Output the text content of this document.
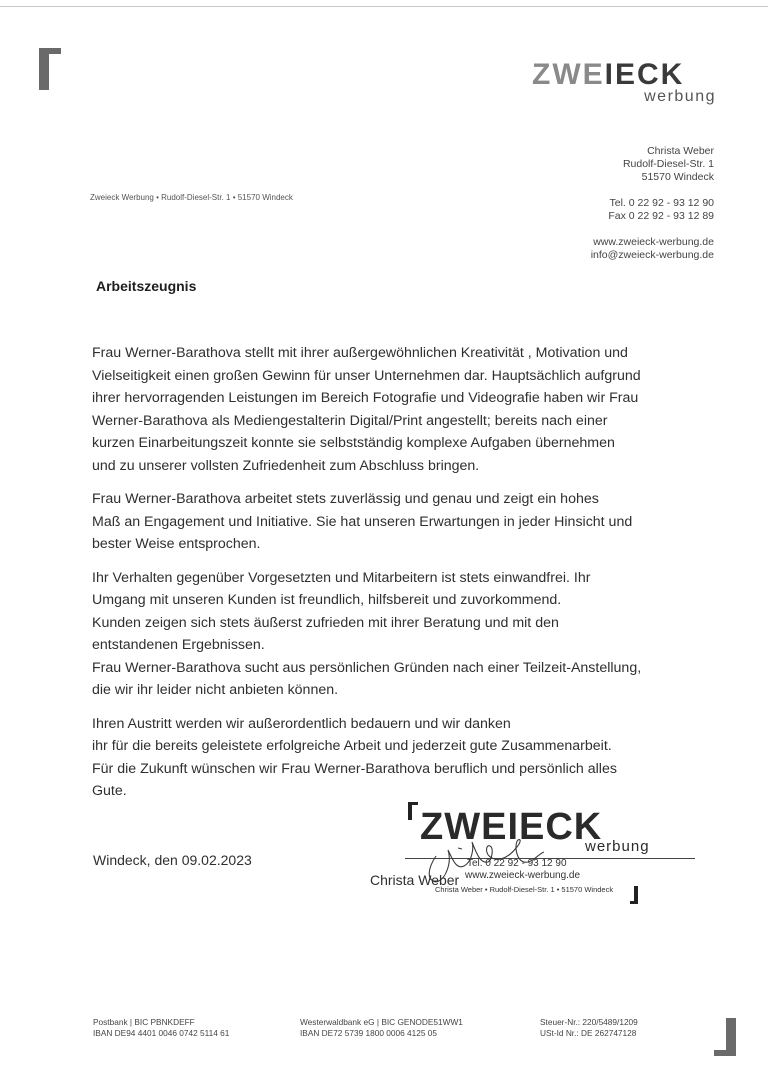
ZWEIECK
werbung
Christa Weber
Rudolf-Diesel-Str. 1
51570 Windeck
Tel. 0 22 92 - 93 12 90
Fax 0 22 92 - 93 12 89
www.zweieck-werbung.de
info@zweieck-werbung.de
Zweieck Werbung • Rudolf-Diesel-Str. 1 • 51570 Windeck
Arbeitszeugnis

Frau Werner-Barathova stellt mit ihrer außergewöhnlichen Kreativität , Motivation und

Vielseitigkeit einen großen Gewinn für unser Unternehmen dar. Hauptsächlich aufgrund

ihrer hervorragenden Leistungen im Bereich Fotografie und Videografie haben wir Frau

Werner-Barathova als Mediengestalterin Digital/Print angestellt; bereits nach einer

kurzen Einarbeitungszeit konnte sie selbstständig komplexe Aufgaben übernehmen

und zu unserer vollsten Zufriedenheit zum Abschluss bringen.

Frau Werner-Barathova arbeitet stets zuverlässig und genau und zeigt ein hohes

Maß an Engagement und Initiative. Sie hat unseren Erwartungen in jeder Hinsicht und

bester Weise entsprochen.

Ihr Verhalten gegenüber Vorgesetzten und Mitarbeitern ist stets einwandfrei. Ihr

Umgang mit unseren Kunden ist freundlich, hilfsbereit und zuvorkommend.

Kunden zeigen sich stets äußerst zufrieden mit ihrer Beratung und mit den

entstandenen Ergebnissen.

Frau Werner-Barathova sucht aus persönlichen Gründen nach einer Teilzeit-Anstellung,

die wir ihr leider nicht anbieten können.

Ihren Austritt werden wir außerordentlich bedauern und wir danken

ihr für die bereits geleistete erfolgreiche Arbeit und jederzeit gute Zusammenarbeit.

Für die Zukunft wünschen wir Frau Werner-Barathova beruflich und persönlich alles

Gute.

Windeck, den 09.02.2023
ZWEIECK
werbung
Tel. 0 22 92 - 93 12 90
www.zweieck-werbung.de
Christa Weber • Rudolf-Diesel-Str. 1 • 51570 Windeck
Christa Weber
Postbank | BIC PBNKDEFF
IBAN DE94 4401 0046 0742 5114 61
Westerwaldbank eG | BIC GENODE51WW1
IBAN DE72 5739 1800 0006 4125 05
Steuer-Nr.: 220/5489/1209
USt-Id Nr.: DE 262747128
